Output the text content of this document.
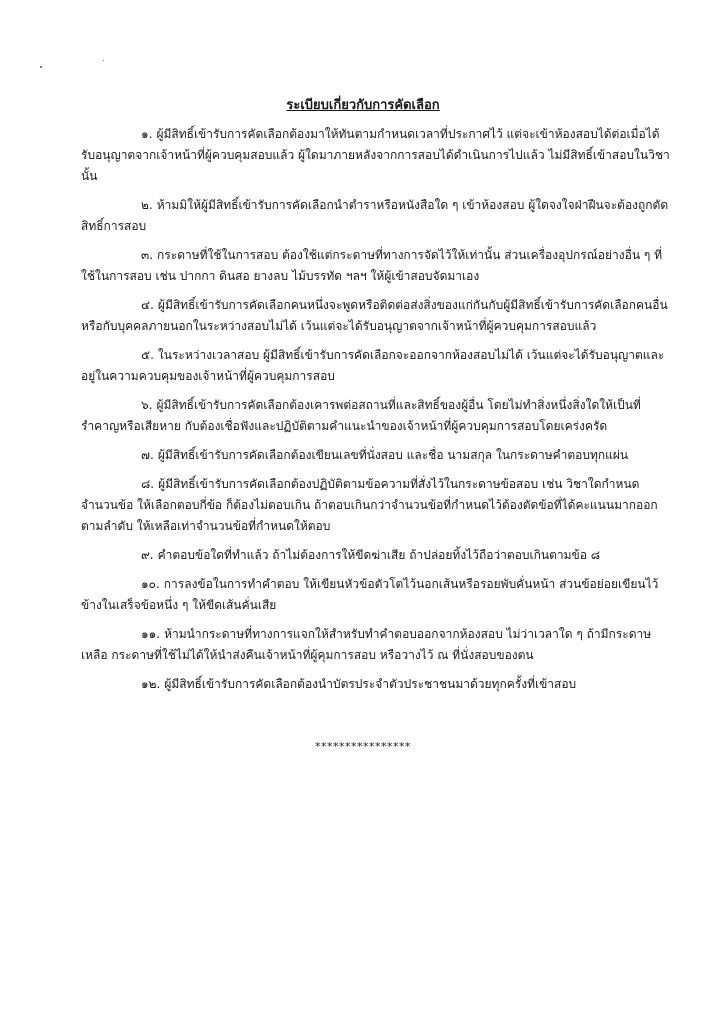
ระเบียบเกี่ยวกับการคัดเลือก

๑. ผู้มีสิทธิ์เข้ารับการคัดเลือกต้องมาให้ทันตามกำหนดเวลาที่ประกาศไว้ แต่จะเข้าห้องสอบได้ต่อเมื่อได้รับอนุญาตจากเจ้าหน้าที่ผู้ควบคุมสอบแล้ว ผู้ใดมาภายหลังจากการสอบได้ดำเนินการไปแล้ว ไม่มีสิทธิ์เข้าสอบในวิชานั้น

๒. ห้ามมิให้ผู้มีสิทธิ์เข้ารับการคัดเลือกนำตำราหรือหนังสือใด ๆ เข้าห้องสอบ ผู้ใดจงใจฝ่าฝืนจะต้องถูกตัดสิทธิ์การสอบ

๓. กระดาษที่ใช้ในการสอบ ต้องใช้แต่กระดาษที่ทางการจัดไว้ให้เท่านั้น ส่วนเครื่องอุปกรณ์อย่างอื่น ๆ ที่ใช้ในการสอบ เช่น ปากกา ดินสอ ยางลบ ไม้บรรทัด ฯลฯ ให้ผู้เข้าสอบจัดมาเอง

๔. ผู้มีสิทธิ์เข้ารับการคัดเลือกคนหนึ่งจะพูดหรือติดต่อส่งสิ่งของแก่กันกับผู้มีสิทธิ์เข้ารับการคัดเลือกคนอื่น หรือกับบุคคลภายนอกในระหว่างสอบไม่ได้ เว้นแต่จะได้รับอนุญาตจากเจ้าหน้าที่ผู้ควบคุมการสอบแล้ว

๕. ในระหว่างเวลาสอบ ผู้มีสิทธิ์เข้ารับการคัดเลือกจะออกจากห้องสอบไม่ได้ เว้นแต่จะได้รับอนุญาตและอยู่ในความควบคุมของเจ้าหน้าที่ผู้ควบคุมการสอบ

๖. ผู้มีสิทธิ์เข้ารับการคัดเลือกต้องเคารพต่อสถานที่และสิทธิ์ของผู้อื่น โดยไม่ทำสิ่งหนึ่งสิ่งใดให้เป็นที่รำคาญหรือเสียหาย กับต้องเชื่อฟังและปฏิบัติตามคำแนะนำของเจ้าหน้าที่ผู้ควบคุมการสอบโดยเคร่งครัด

๗. ผู้มีสิทธิ์เข้ารับการคัดเลือกต้องเขียนเลขที่นั่งสอบ และชื่อ นามสกุล ในกระดาษคำตอบทุกแผ่น

๘. ผู้มีสิทธิ์เข้ารับการคัดเลือกต้องปฏิบัติตามข้อความที่สั่งไว้ในกระดาษข้อสอบ เช่น วิชาใดกำหนดจำนวนข้อ ให้เลือกตอบกี่ข้อ ก็ต้องไม่ตอบเกิน ถ้าตอบเกินกว่าจำนวนข้อที่กำหนดไว้ต้องตัดข้อที่ได้คะแนนมากออกตามลำดับ ให้เหลือเท่าจำนวนข้อที่กำหนดให้ตอบ

๙. คำตอบข้อใดที่ทำแล้ว ถ้าไม่ต้องการให้ขีดฆ่าเสีย ถ้าปล่อยทิ้งไว้ถือว่าตอบเกินตามข้อ ๘

๑๐. การลงข้อในการทำคำตอบ ให้เขียนหัวข้อตัวโตไว้นอกเส้นหรือรอยพับคั่นหน้า ส่วนข้อย่อยเขียนไว้ข้างในเสร็จข้อหนึ่ง ๆ ให้ขีดเส้นคั่นเสีย

๑๑. ห้ามนำกระดาษที่ทางการแจกให้สำหรับทำคำตอบออกจากห้องสอบ ไม่ว่าเวลาใด ๆ ถ้ามีกระดาษเหลือ กระดาษที่ใช้ไม่ได้ให้นำส่งคืนเจ้าหน้าที่ผู้คุมการสอบ หรือวางไว้ ณ ที่นั่งสอบของตน

๑๒. ผู้มีสิทธิ์เข้ารับการคัดเลือกต้องนำบัตรประจำตัวประชาชนมาด้วยทุกครั้งที่เข้าสอบ

****************
